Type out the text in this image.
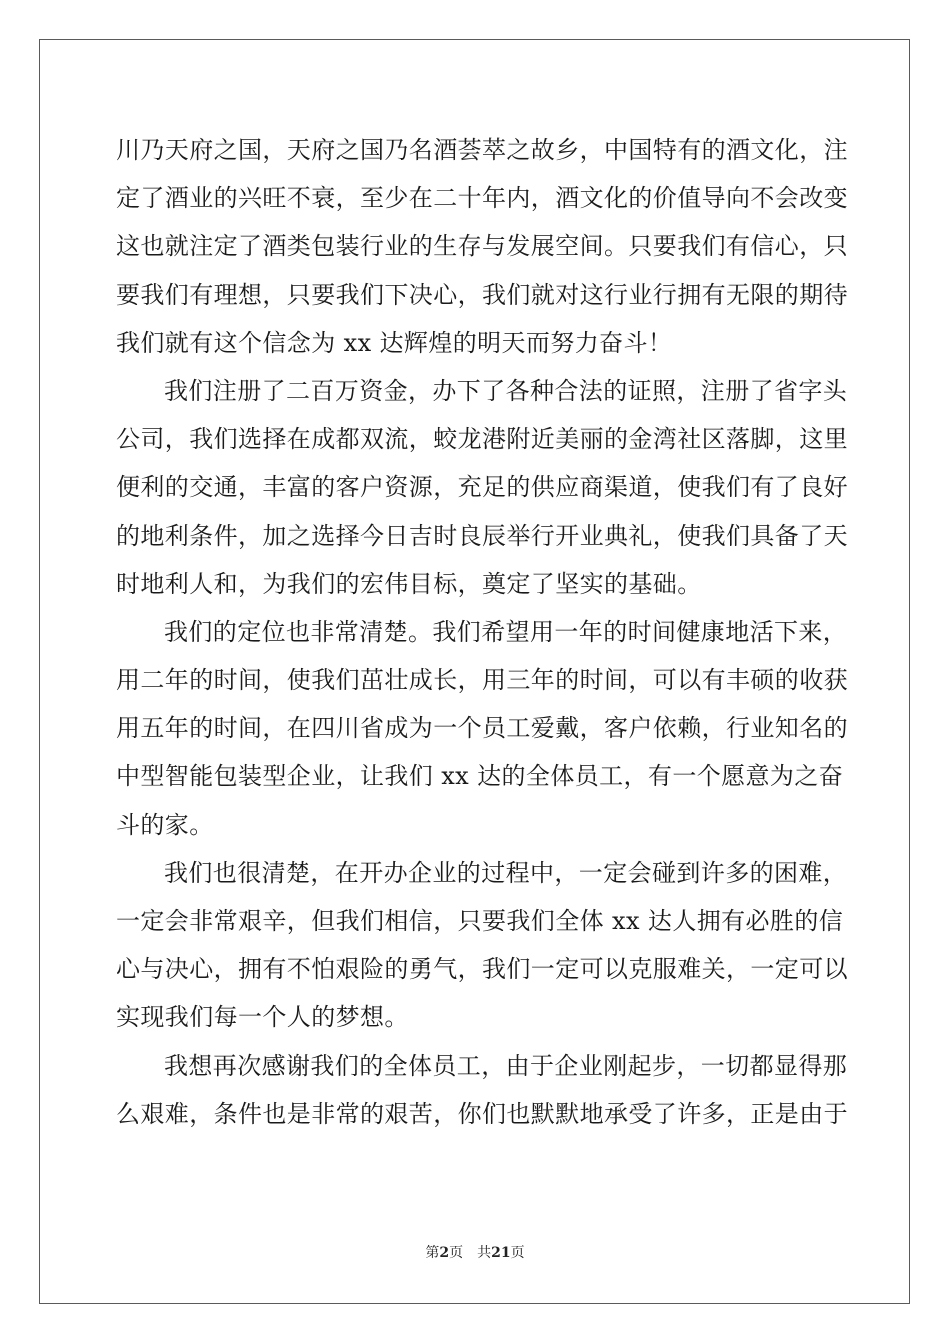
川乃天府之国，天府之国乃名酒荟萃之故乡，中国特有的酒文化，注
定了酒业的兴旺不衰，至少在二十年内，酒文化的价值导向不会改变
这也就注定了酒类包装行业的生存与发展空间。只要我们有信心，只
要我们有理想，只要我们下决心，我们就对这行业行拥有无限的期待
我们就有这个信念为 xx 达辉煌的明天而努力奋斗！
我们注册了二百万资金，办下了各种合法的证照，注册了省字头
公司，我们选择在成都双流，蛟龙港附近美丽的金湾社区落脚，这里
便利的交通，丰富的客户资源，充足的供应商渠道，使我们有了良好
的地利条件，加之选择今日吉时良辰举行开业典礼，使我们具备了天
时地利人和，为我们的宏伟目标，奠定了坚实的基础。
我们的定位也非常清楚。我们希望用一年的时间健康地活下来，
用二年的时间，使我们茁壮成长，用三年的时间，可以有丰硕的收获
用五年的时间，在四川省成为一个员工爱戴，客户依赖，行业知名的
中型智能包装型企业，让我们 xx 达的全体员工，有一个愿意为之奋
斗的家。
我们也很清楚，在开办企业的过程中，一定会碰到许多的困难，
一定会非常艰辛，但我们相信，只要我们全体 xx 达人拥有必胜的信
心与决心，拥有不怕艰险的勇气，我们一定可以克服难关，一定可以
实现我们每一个人的梦想。
我想再次感谢我们的全体员工，由于企业刚起步，一切都显得那
么艰难，条件也是非常的艰苦，你们也默默地承受了许多，正是由于
第2页 共21页
